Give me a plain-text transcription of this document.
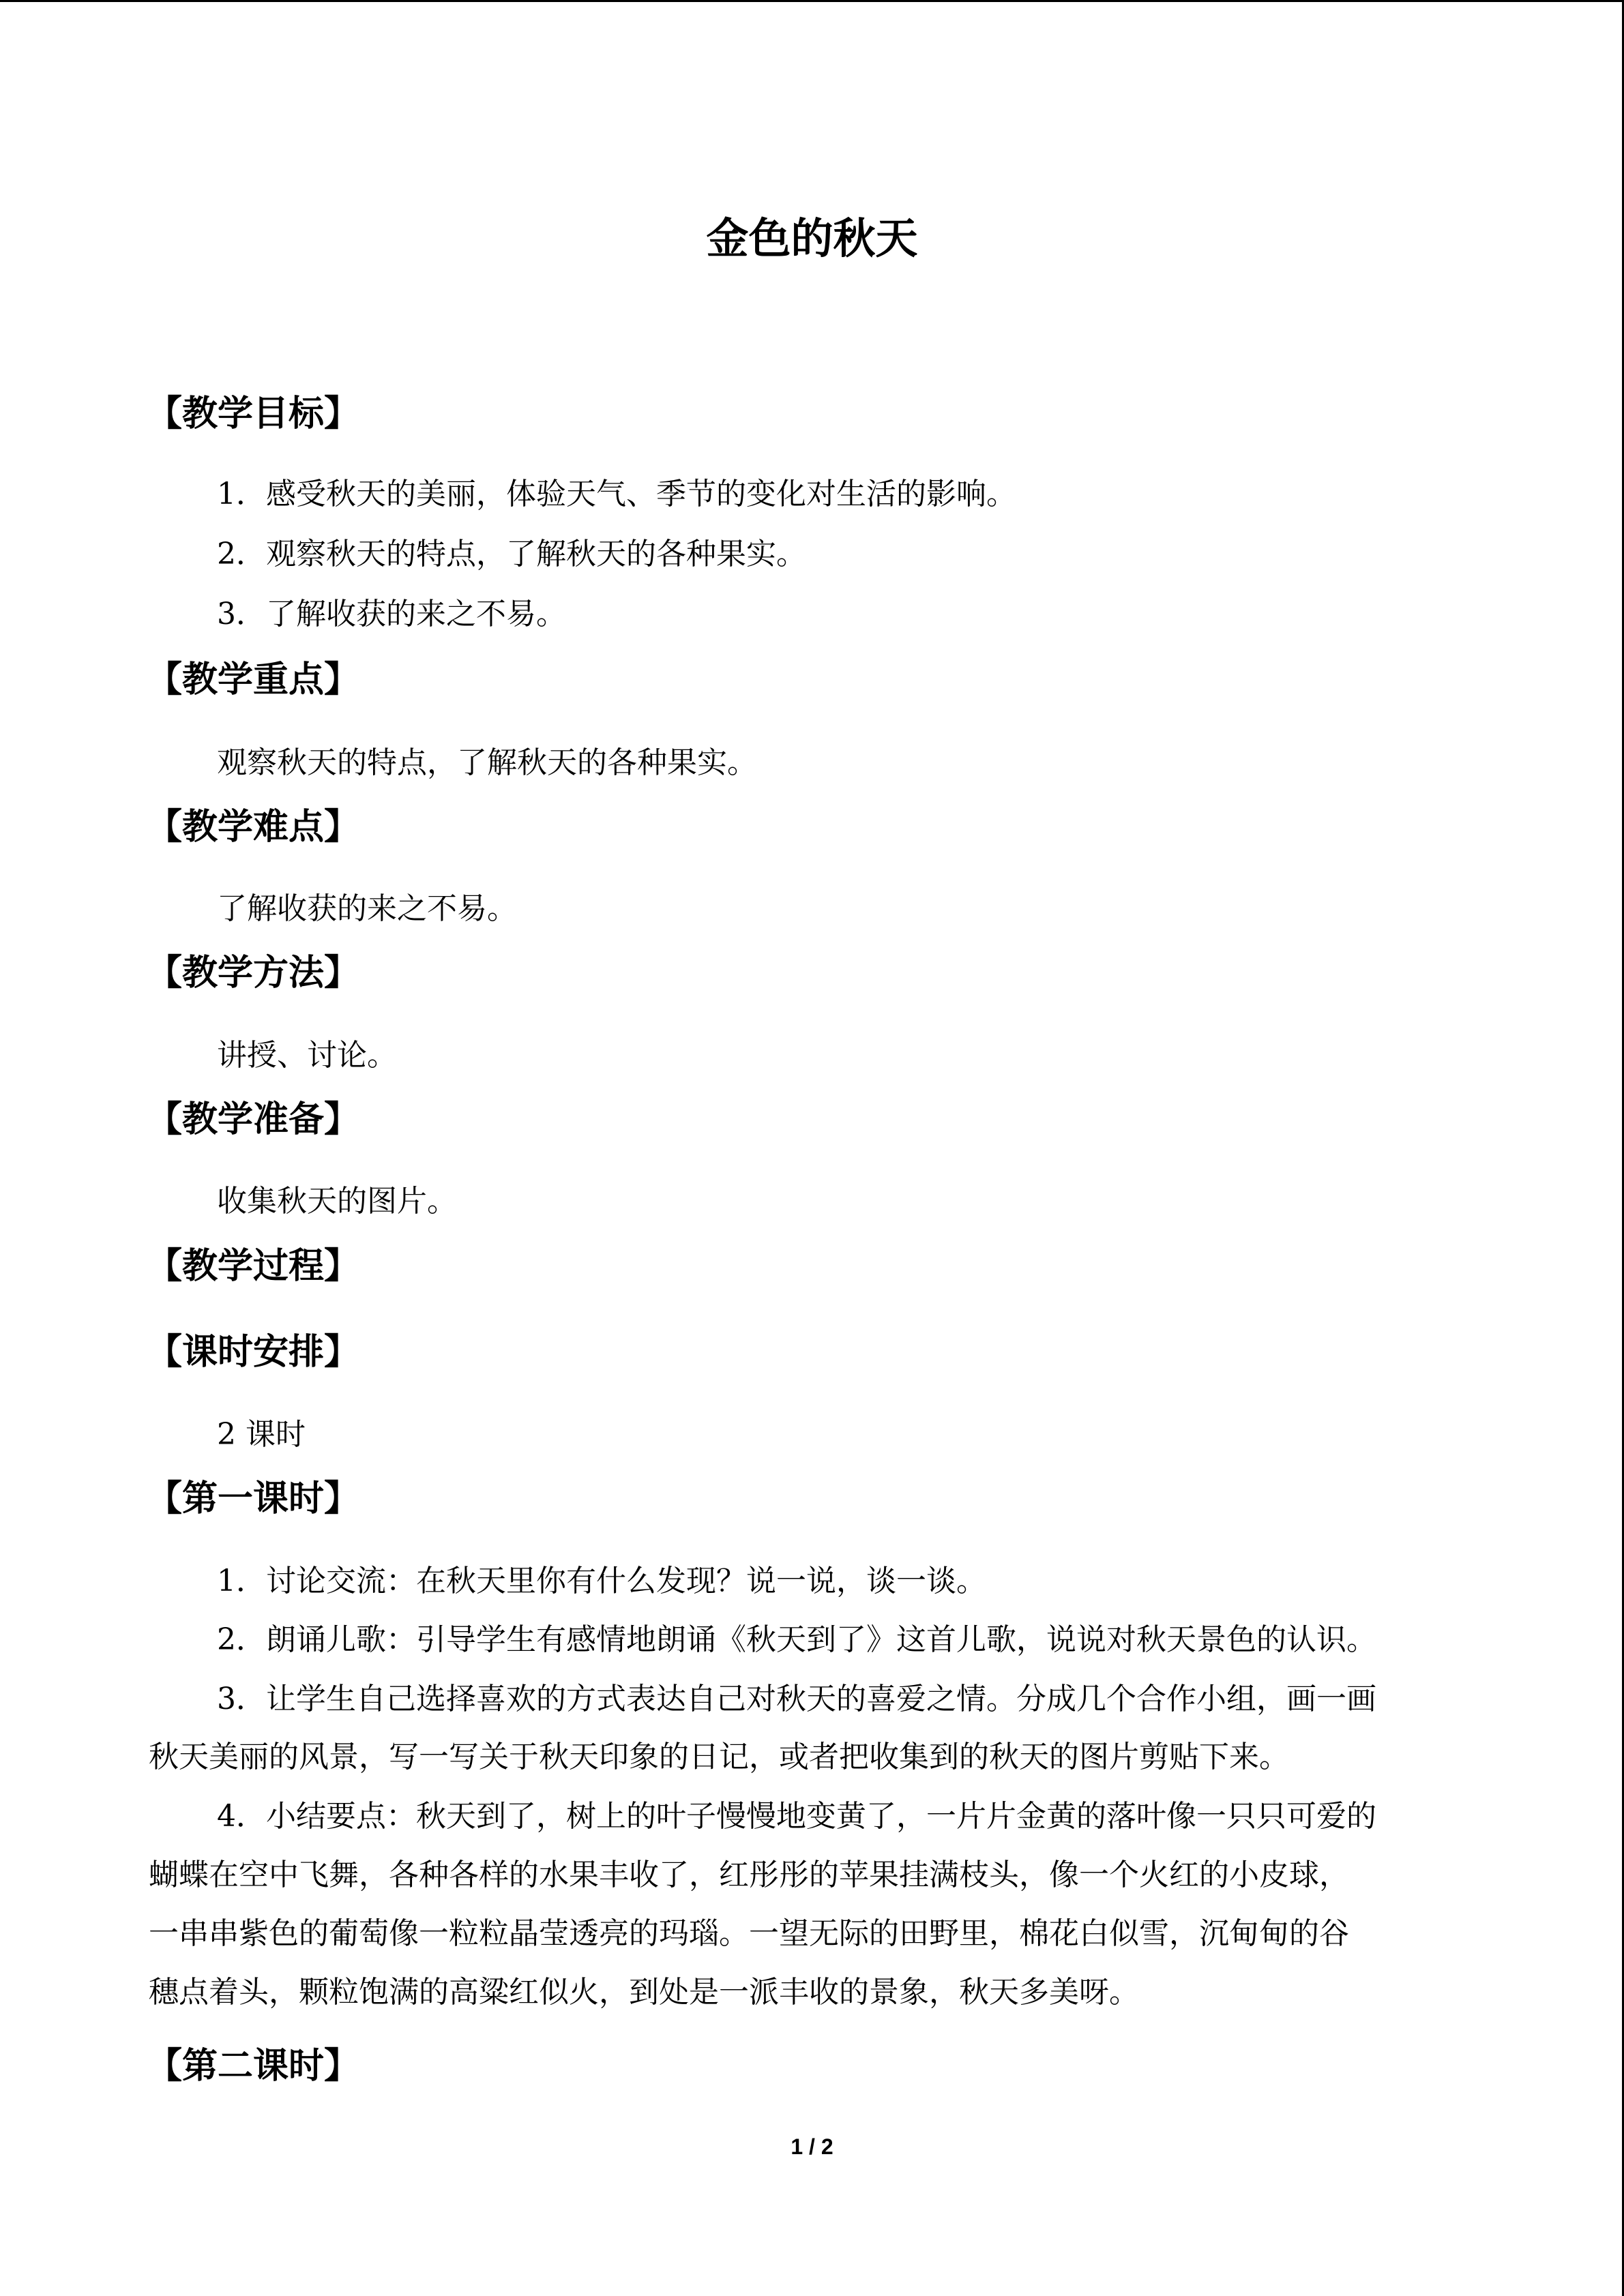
金色的秋天
【教学目标】
1．感受秋天的美丽，体验天气、季节的变化对生活的影响。
2．观察秋天的特点，了解秋天的各种果实。
3．了解收获的来之不易。
【教学重点】
观察秋天的特点，了解秋天的各种果实。
【教学难点】
了解收获的来之不易。
【教学方法】
讲授、讨论。
【教学准备】
收集秋天的图片。
【教学过程】
【课时安排】
2 课时
【第一课时】
1．讨论交流：在秋天里你有什么发现？说一说，谈一谈。
2．朗诵儿歌：引导学生有感情地朗诵《秋天到了》这首儿歌，说说对秋天景色的认识。
3．让学生自己选择喜欢的方式表达自己对秋天的喜爱之情。分成几个合作小组，画一画
秋天美丽的风景，写一写关于秋天印象的日记，或者把收集到的秋天的图片剪贴下来。
4．小结要点：秋天到了，树上的叶子慢慢地变黄了，一片片金黄的落叶像一只只可爱的
蝴蝶在空中飞舞，各种各样的水果丰收了，红彤彤的苹果挂满枝头，像一个火红的小皮球，
一串串紫色的葡萄像一粒粒晶莹透亮的玛瑙。一望无际的田野里，棉花白似雪，沉甸甸的谷
穗点着头，颗粒饱满的高粱红似火，到处是一派丰收的景象，秋天多美呀。
【第二课时】
1 / 2
